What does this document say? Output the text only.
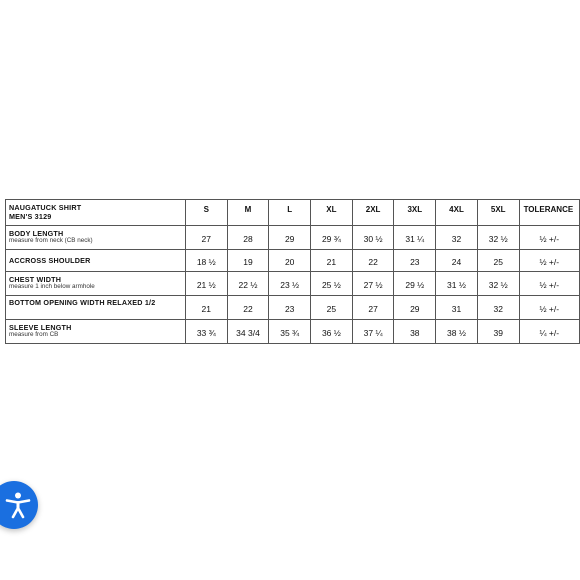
NAUGATUCK SHIRT
MEN'S 3129	S	M	L	XL	2XL	3XL	4XL	5XL	TOLERANCE

BODY LENGTH
measure from neck (CB neck)	27	28	29	29 ¾	30 ½	31 ¼	32	32 ½	½ +/-

ACCROSS SHOULDER	18 ½	19	20	21	22	23	24	25	½ +/-

CHEST WIDTH
measure 1 inch below armhole	21 ½	22 ½	23 ½	25 ½	27 ½	29 ½	31 ½	32 ½	½ +/-

BOTTOM OPENING WIDTH RELAXED 1/2	21	22	23	25	27	29	31	32	½ +/-

SLEEVE LENGTH
measure from CB	33 ¾	34 3/4	35 ¾	36 ½	37 ¼	38	38 ½	39	¼ +/-
